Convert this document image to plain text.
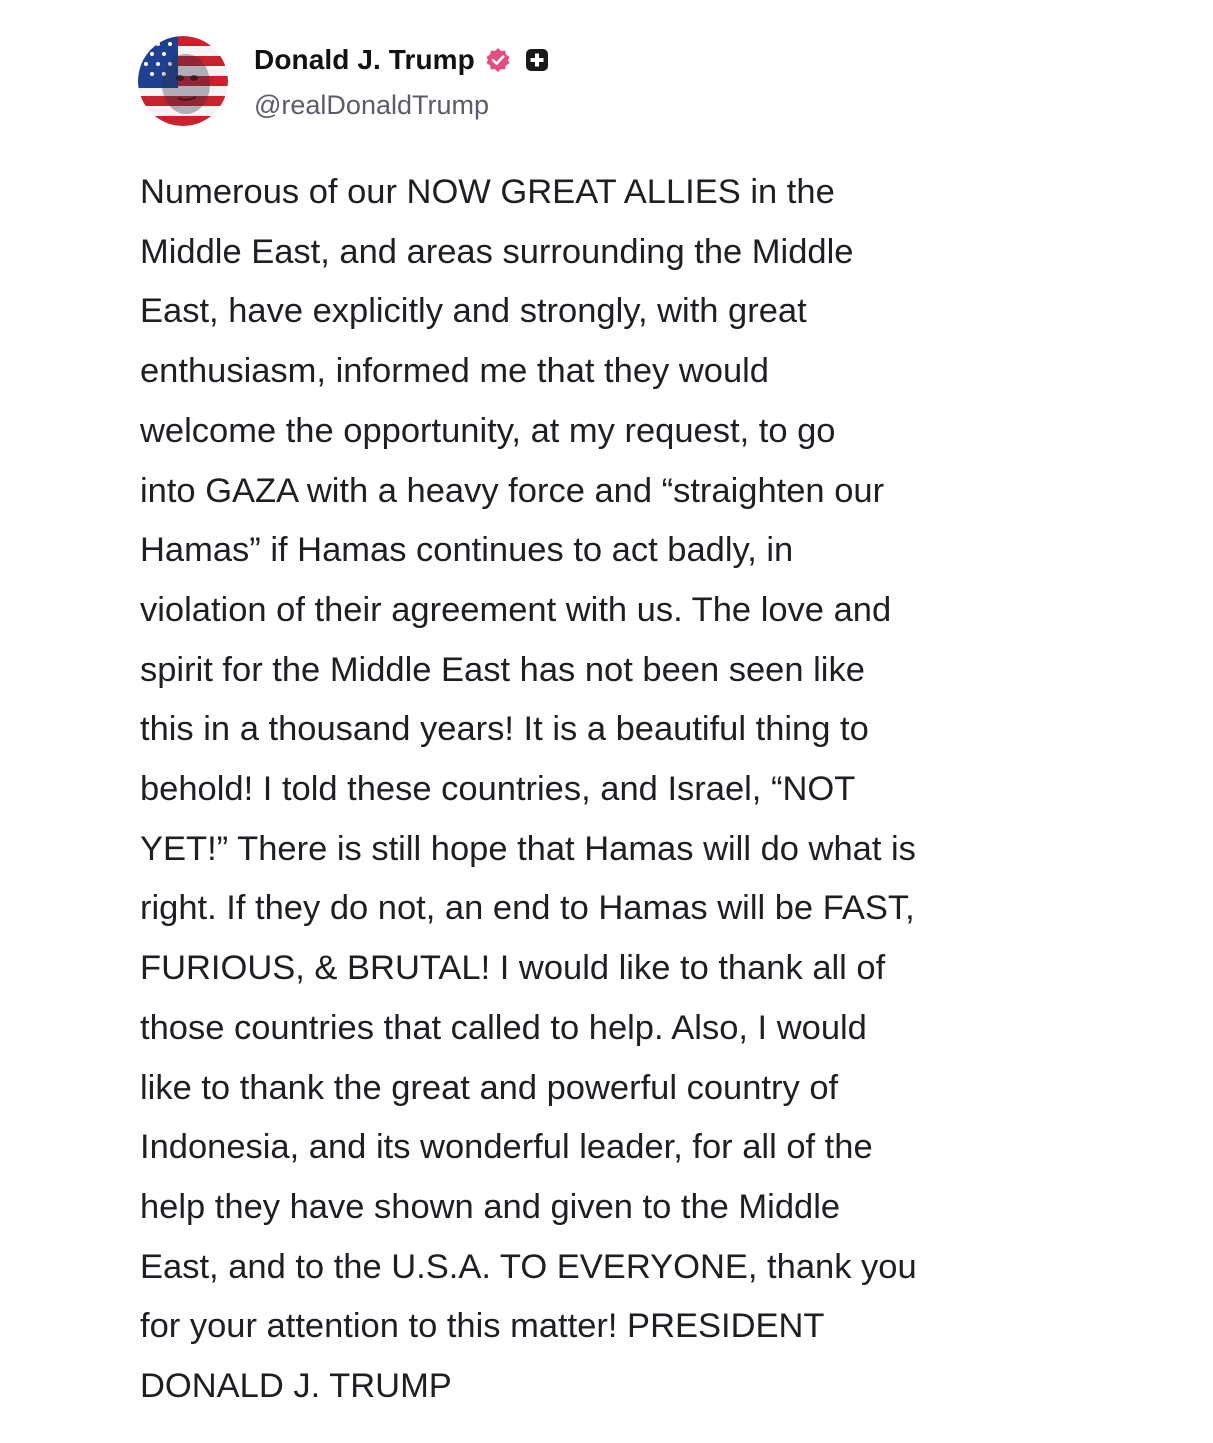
Donald J. Trump
@realDonaldTrump
Numerous of our NOW GREAT ALLIES in the
Middle East, and areas surrounding the Middle
East, have explicitly and strongly, with great
enthusiasm, informed me that they would
welcome the opportunity, at my request, to go
into GAZA with a heavy force and “straighten our
Hamas” if Hamas continues to act badly, in
violation of their agreement with us. The love and
spirit for the Middle East has not been seen like
this in a thousand years! It is a beautiful thing to
behold! I told these countries, and Israel, “NOT
YET!” There is still hope that Hamas will do what is
right. If they do not, an end to Hamas will be FAST,
FURIOUS, & BRUTAL! I would like to thank all of
those countries that called to help. Also, I would
like to thank the great and powerful country of
Indonesia, and its wonderful leader, for all of the
help they have shown and given to the Middle
East, and to the U.S.A. TO EVERYONE, thank you
for your attention to this matter! PRESIDENT
DONALD J. TRUMP
